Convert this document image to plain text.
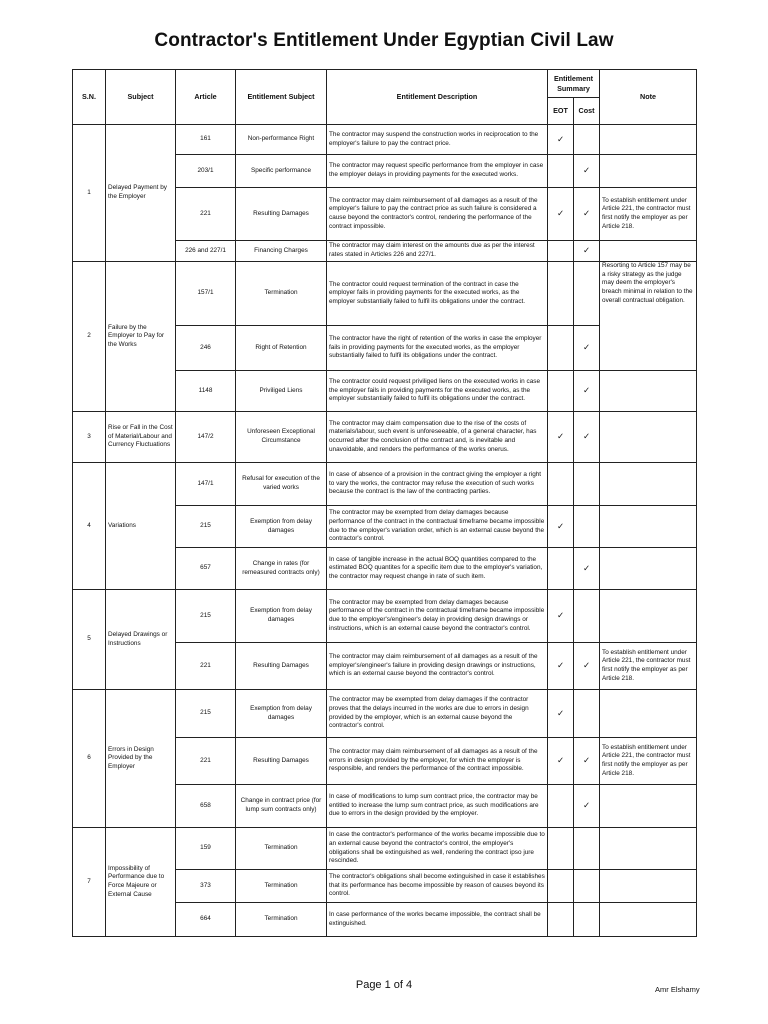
Contractor's Entitlement Under Egyptian Civil Law
S.N.	Subject	Article	Entitlement Subject	Entitlement Description	Entitlement Summary		Note
					EOT	Cost	
1	Delayed Payment by the Employer	161	Non-performance Right	The contractor may suspend the construction works in reciprocation to the employer's failure to pay the contract price.	✓		
		203/1	Specific performance	The contractor may request specific performance from the employer in case the employer delays in providing payments for the executed works.		✓	
		221	Resulting Damages	The contractor may claim reimbursement of all damages as a result of the employer's failure to pay the contract price as such failure is considered a cause beyond the contractor's control, rendering the performance of the contract impossible.	✓	✓	To establish entitlement under Article 221, the contractor must first notify the employer as per Article 218.
		226 and 227/1	Financing Charges	The contractor may claim interest on the amounts due as per the interest rates stated in Articles 226 and 227/1.		✓	
2	Failure by the Employer to Pay for the Works	157/1	Termination	The contractor could request termination of the contract in case the employer fails in providing payments for the executed works, as the employer substantially failed to fulfil its obligations under the contract.			Resorting to Article 157 may be a risky strategy as the judge may deem the employer's breach minimal in relation to the overall contractual obligation.
		246	Right of Retention	The contractor have the right of retention of the works in case the employer fails in providing payments for the executed works, as the employer substantially failed to fulfil its obligations under the contract.		✓	
		1148	Priviliged Liens	The contractor could request priviliged liens on the executed works in case the employer fails in providing payments for the executed works, as the employer substantially failed to fulfil its obligations under the contract.		✓	
3	Rise or Fall in the Cost of Material/Labour and Currency Fluctuations	147/2	Unforeseen Exceptional Circumstance	The contractor may claim compensation due to the rise of the costs of materials/labour, such event is unforeseeable, of a general character, has occurred after the conclusion of the contract and, is inevitable and unavoidable, and renders the performance of the works onerus.	✓	✓	
4	Variations	147/1	Refusal for execution of the varied works	In case of absence of a provision in the contract giving the employer a right to vary the works, the contractor may refuse the execution of such works because the contract is the law of the contracting parties.			
		215	Exemption from delay damages	The contractor may be exempted from delay damages because performance of the contract in the contractual timeframe became impossible due to the employer's variation order, which is an external cause beyond the contractor's control.	✓		
		657	Change in rates (for remeasured contracts only)	In case of tangible increase in the actual BOQ quantities compared to the estimated BOQ quantites for a specific item due to the employer's variation, the contractor may request change in rate of such item.		✓	
5	Delayed Drawings or Instructions	215	Exemption from delay damages	The contractor may be exempted from delay damages because performance of the contract in the contractual timeframe became impossible due to the employer's/engineer's delay in providing design drawings or instructions, which is an external cause beyond the contractor's control.	✓		
		221	Resulting Damages	The contractor may claim reimbursement of all damages as a result of the employer's/engineer's failure in providing design drawings or instructions, which is an external cause beyond the contractor's control.	✓	✓	To establish entitlement under Article 221, the contractor must first notify the employer as per Article 218.
6	Errors in Design Provided by the Employer	215	Exemption from delay damages	The contractor may be exempted from delay damages if the contractor proves that the delays incurred in the works are due to errors in design provided by the employer, which is an external cause beyond the contractor's control.	✓		
		221	Resulting Damages	The contractor may claim reimbursement of all damages as a result of the errors in design provided by the employer, for which the employer is responsible, and renders the performance of the contract impossible.	✓	✓	To establish entitlement under Article 221, the contractor must first notify the employer as per Article 218.
		658	Change in contract price (for lump sum contracts only)	In case of modifications to lump sum contract price, the contractor may be entitled to increase the lump sum contract price, as such modifications are due to errors in the design provided by the employer.		✓	
7	Impossibility of Performance due to Force Majeure or External Cause	159	Termination	In case the contractor's performance of the works became impossible due to an external cause beyond the contractor's control, the employer's obligations shall be extinguished as well, rendering the contract ipso jure rescinded.			
		373	Termination	The contractor's obligations shall become extinguished in case it establishes that its performance has become impossible by reason of causes beyond its control.			
		664	Termination	In case performance of the works became impossible, the contract shall be extinguished.			
Page 1 of 4	Amr Elshamy
